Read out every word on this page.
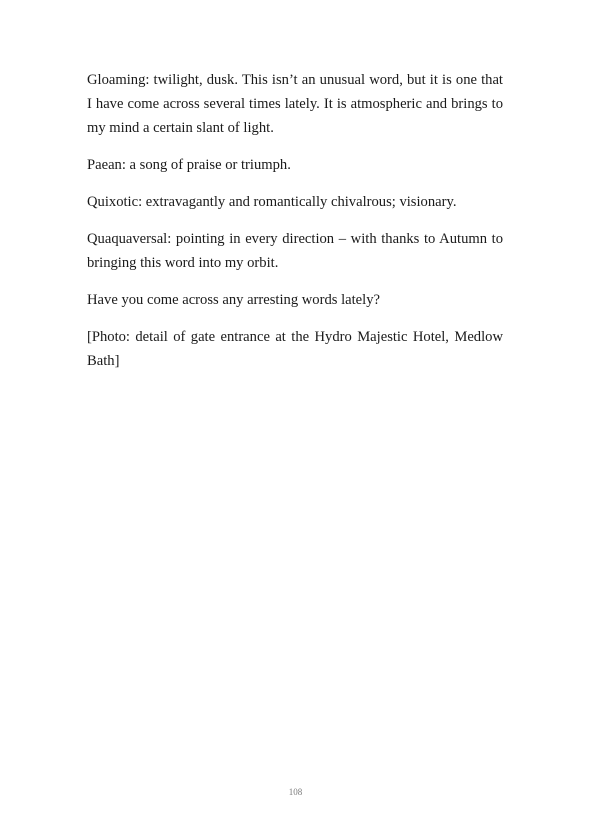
Gloaming: twilight, dusk. This isn’t an unusual word, but it is one that I have come across several times lately. It is atmospheric and brings to my mind a certain slant of light.

Paean: a song of praise or triumph.

Quixotic: extravagantly and romantically chivalrous; visionary.

Quaquaversal: pointing in every direction – with thanks to Autumn to bringing this word into my orbit.

Have you come across any arresting words lately?

[Photo: detail of gate entrance at the Hydro Majestic Hotel, Medlow Bath]

108
